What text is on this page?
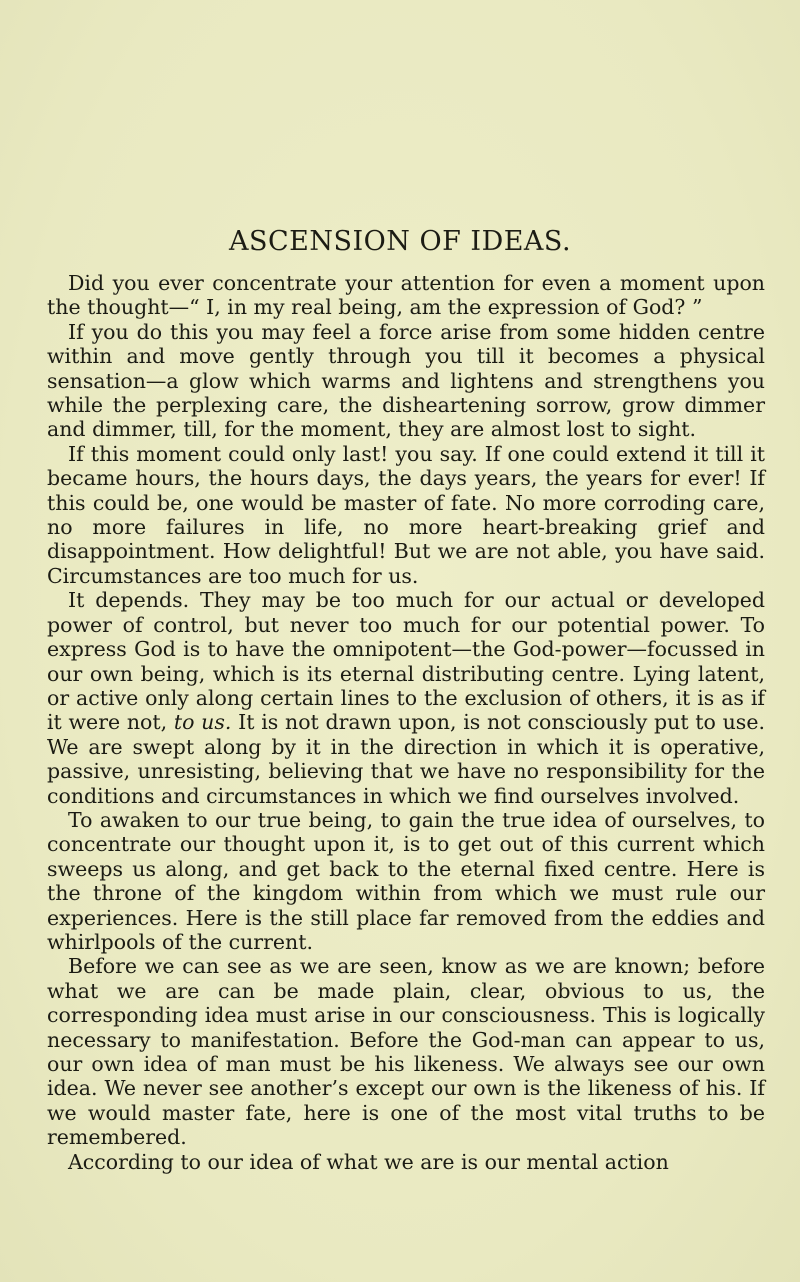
ASCENSION OF IDEAS.

Did you ever concentrate your attention for even a moment upon the thought—“ I, in my real being, am the expression of God? ”

If you do this you may feel a force arise from some hidden centre within and move gently through you till it becomes a physical sensation—a glow which warms and lightens and strengthens you while the perplexing care, the disheartening sorrow, grow dimmer and dimmer, till, for the moment, they are almost lost to sight.

If this moment could only last! you say. If one could extend it till it became hours, the hours days, the days years, the years for ever! If this could be, one would be master of fate. No more corroding care, no more failures in life, no more heart-breaking grief and disappointment. How delightful! But we are not able, you have said. Circumstances are too much for us.

It depends. They may be too much for our actual or developed power of control, but never too much for our potential power. To express God is to have the omnipotent—the God-power—focussed in our own being, which is its eternal distributing centre. Lying latent, or active only along certain lines to the exclusion of others, it is as if it were not, to us. It is not drawn upon, is not consciously put to use. We are swept along by it in the direction in which it is operative, passive, unresisting, believing that we have no responsibility for the conditions and circumstances in which we find ourselves involved.

To awaken to our true being, to gain the true idea of ourselves, to concentrate our thought upon it, is to get out of this current which sweeps us along, and get back to the eternal fixed centre. Here is the throne of the kingdom within from which we must rule our experiences. Here is the still place far removed from the eddies and whirlpools of the current.

Before we can see as we are seen, know as we are known; before what we are can be made plain, clear, obvious to us, the corresponding idea must arise in our consciousness. This is logically necessary to manifestation. Before the God-man can appear to us, our own idea of man must be his likeness. We always see our own idea. We never see another’s except our own is the likeness of his. If we would master fate, here is one of the most vital truths to be remembered.

According to our idea of what we are is our mental action
